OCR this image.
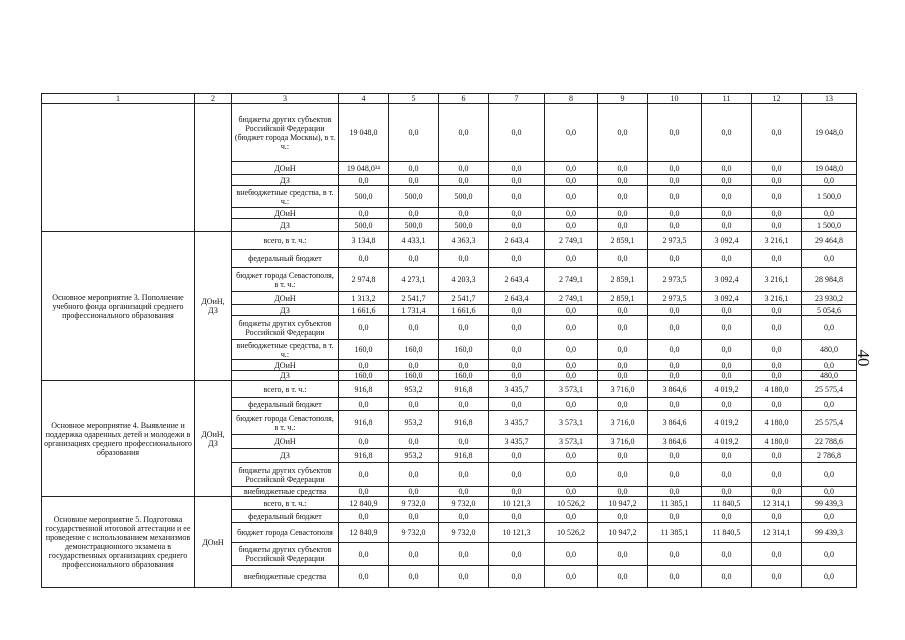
1	2	3	4	5	6	7	8	9	10	11	12	13
		бюджеты других субъектов Российской Федерации (бюджет города Москвы), в т. ч.:	19 048,0	0,0	0,0	0,0	0,0	0,0	0,0	0,0	0,0	19 048,0
		ДОиН	19 048,0³⁴	0,0	0,0	0,0	0,0	0,0	0,0	0,0	0,0	19 048,0
		ДЗ	0,0	0,0	0,0	0,0	0,0	0,0	0,0	0,0	0,0	0,0
		внебюджетные средства, в т. ч.:	500,0	500,0	500,0	0,0	0,0	0,0	0,0	0,0	0,0	1 500,0
		ДОиН	0,0	0,0	0,0	0,0	0,0	0,0	0,0	0,0	0,0	0,0
		ДЗ	500,0	500,0	500,0	0,0	0,0	0,0	0,0	0,0	0,0	1 500,0
Основное мероприятие 3. Пополнение учебного фонда организаций среднего профессионального образования	ДОиН, ДЗ	всего, в т. ч.:	3 134,8	4 433,1	4 363,3	2 643,4	2 749,1	2 859,1	2 973,5	3 092,4	3 216,1	29 464,8
		федеральный бюджет	0,0	0,0	0,0	0,0	0,0	0,0	0,0	0,0	0,0	0,0
		бюджет города Севастополя, в т. ч.:	2 974,8	4 273,1	4 203,3	2 643,4	2 749,1	2 859,1	2 973,5	3 092,4	3 216,1	28 984,8
		ДОиН	1 313,2	2 541,7	2 541,7	2 643,4	2 749,1	2 859,1	2 973,5	3 092,4	3 216,1	23 930,2
		ДЗ	1 661,6	1 731,4	1 661,6	0,0	0,0	0,0	0,0	0,0	0,0	5 054,6
		бюджеты других субъектов Российской Федерации	0,0	0,0	0,0	0,0	0,0	0,0	0,0	0,0	0,0	0,0
		внебюджетные средства, в т. ч.:	160,0	160,0	160,0	0,0	0,0	0,0	0,0	0,0	0,0	480,0
		ДОиН	0,0	0,0	0,0	0,0	0,0	0,0	0,0	0,0	0,0	0,0
		ДЗ	160,0	160,0	160,0	0,0	0,0	0,0	0,0	0,0	0,0	480,0
Основное мероприятие 4. Выявление и поддержка одаренных детей и молодежи в организациях среднего профессионального образования	ДОиН, ДЗ	всего, в т. ч.:	916,8	953,2	916,8	3 435,7	3 573,1	3 716,0	3 864,6	4 019,2	4 180,0	25 575,4
		федеральный бюджет	0,0	0,0	0,0	0,0	0,0	0,0	0,0	0,0	0,0	0,0
		бюджет города Севастополя, в т. ч.:	916,8	953,2	916,8	3 435,7	3 573,1	3 716,0	3 864,6	4 019,2	4 180,0	25 575,4
		ДОиН	0,0	0,0	0,0	3 435,7	3 573,1	3 716,0	3 864,6	4 019,2	4 180,0	22 788,6
		ДЗ	916,8	953,2	916,8	0,0	0,0	0,0	0,0	0,0	0,0	2 786,8
		бюджеты других субъектов Российской Федерации	0,0	0,0	0,0	0,0	0,0	0,0	0,0	0,0	0,0	0,0
		внебюджетные средства	0,0	0,0	0,0	0,0	0,0	0,0	0,0	0,0	0,0	0,0
Основное мероприятие 5. Подготовка государственной итоговой аттестации и ее проведение с использованием механизмов демонстрационного экзамена в государственных организациях среднего профессионального образования	ДОиН	всего, в т. ч.:	12 840,9	9 732,0	9 732,0	10 121,3	10 526,2	10 947,2	11 385,1	11 840,5	12 314,1	99 439,3
		федеральный бюджет	0,0	0,0	0,0	0,0	0,0	0,0	0,0	0,0	0,0	0,0
		бюджет города Севастополя	12 840,9	9 732,0	9 732,0	10 121,3	10 526,2	10 947,2	11 385,1	11 840,5	12 314,1	99 439,3
		бюджеты других субъектов Российской Федерации	0,0	0,0	0,0	0,0	0,0	0,0	0,0	0,0	0,0	0,0
		внебюджетные средства	0,0	0,0	0,0	0,0	0,0	0,0	0,0	0,0	0,0	0,0
40
